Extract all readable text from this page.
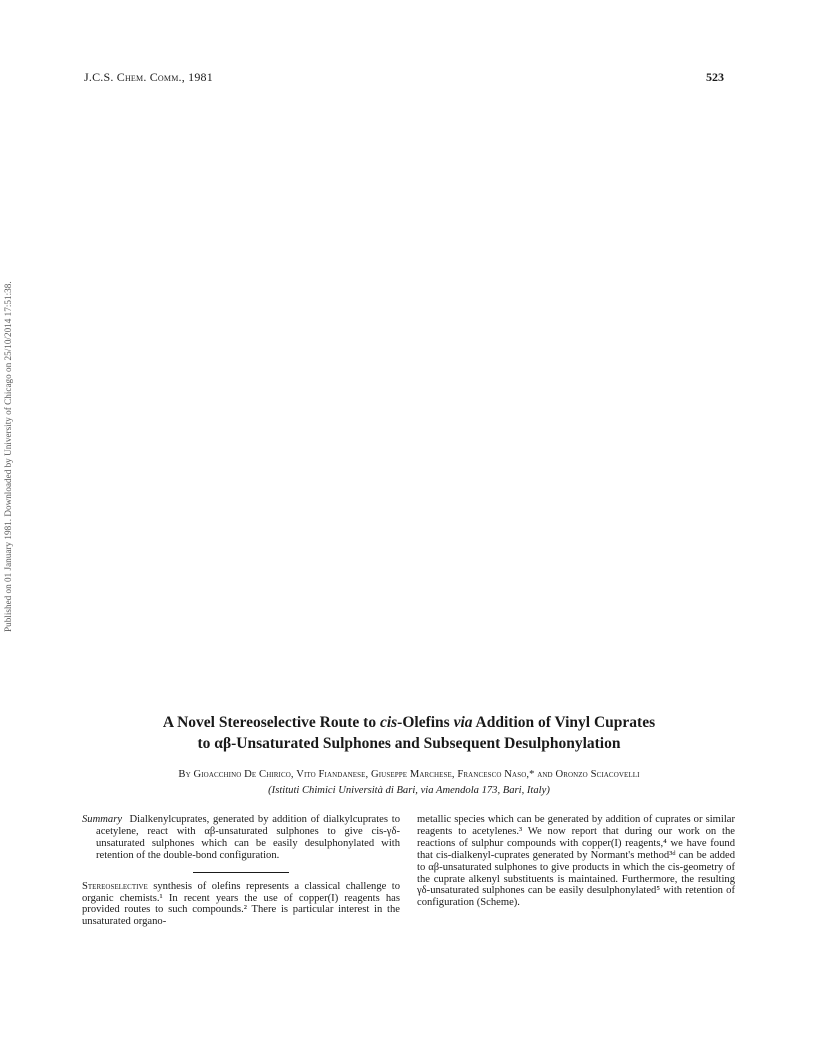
J.C.S. Chem. Comm., 1981	523
Published on 01 January 1981. Downloaded by University of Chicago on 25/10/2014 17:51:38.
A Novel Stereoselective Route to cis-Olefins via Addition of Vinyl Cuprates
to αβ-Unsaturated Sulphones and Subsequent Desulphonylation
By Gioacchino De Chirico, Vito Fiandanese, Giuseppe Marchese, Francesco Naso,* and Oronzo Sciacovelli
(Istituti Chimici Università di Bari, via Amendola 173, Bari, Italy)

Summary Dialkenylcuprates, generated by addition of dialkylcuprates to acetylene, react with αβ-unsaturated sulphones to give cis-γδ-unsaturated sulphones which can be easily desulphonylated with retention of the double-bond configuration.

Stereoselective synthesis of olefins represents a classical challenge to organic chemists.¹ In recent years the use of copper(I) reagents has provided routes to such compounds.² There is particular interest in the unsaturated organo-

metallic species which can be generated by addition of cuprates or similar reagents to acetylenes.³ We now report that during our work on the reactions of sulphur compounds with copper(I) reagents,⁴ we have found that cis-dialkenyl-cuprates generated by Normant's method³ᵈ can be added to αβ-unsaturated sulphones to give products in which the cis-geometry of the cuprate alkenyl substituents is maintained. Furthermore, the resulting γδ-unsaturated sulphones can be easily desulphonylated⁵ with retention of configuration (Scheme).
